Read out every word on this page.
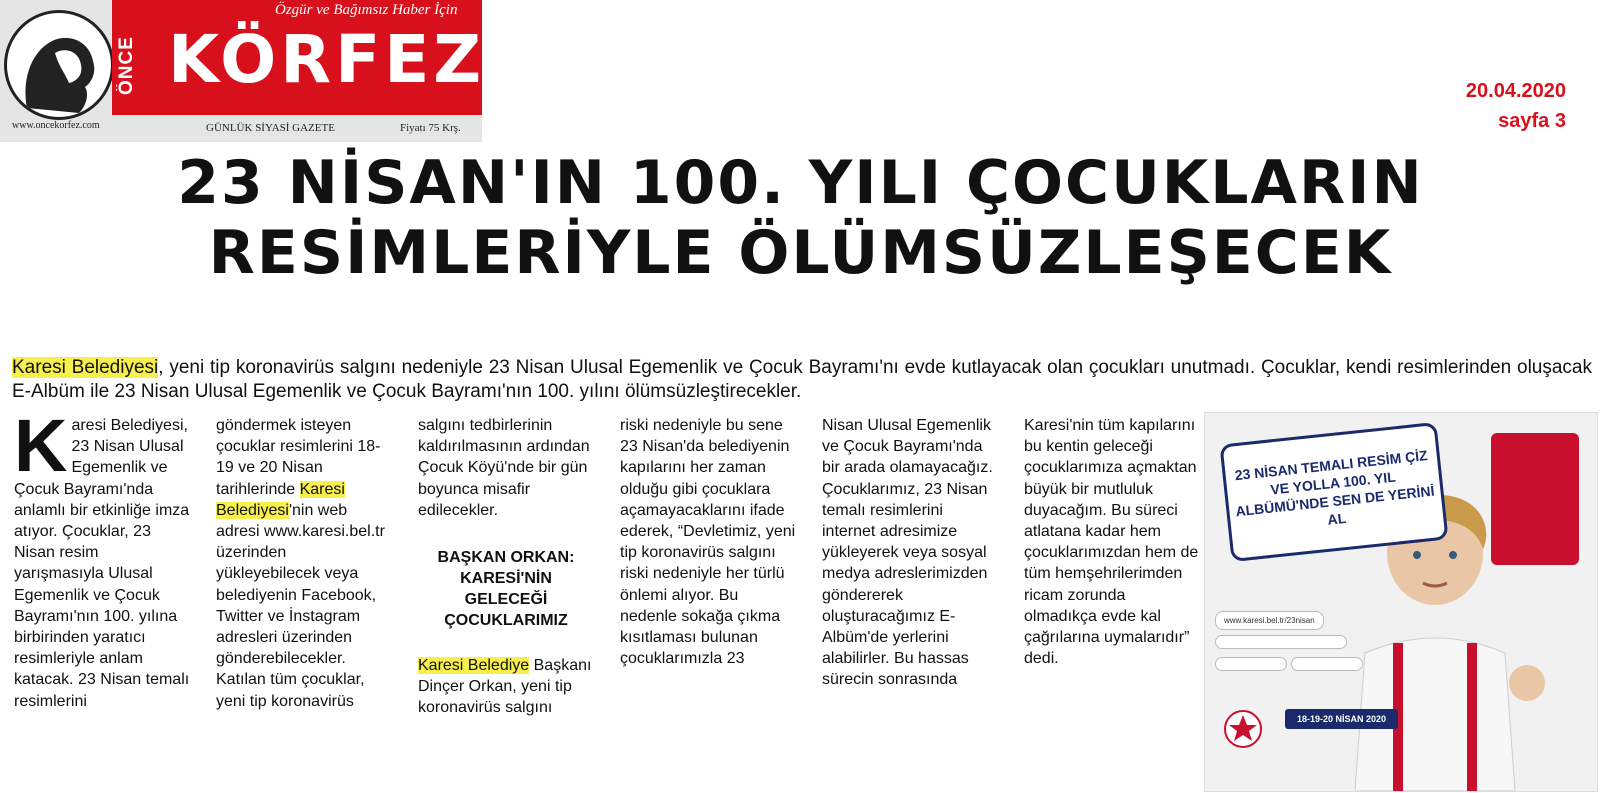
Özgür ve Bağımsız Haber İçin
ÖNCE KÖRFEZ
www.oncekorfez.com	GÜNLÜK SİYASİ GAZETE	Fiyatı 75 Krş.
20.04.2020
sayfa 3
23 NİSAN'IN 100. YILI ÇOCUKLARIN
RESİMLERİYLE ÖLÜMSÜZLEŞECEK
Karesi Belediyesi, yeni tip koronavirüs salgını nedeniyle 23 Nisan Ulusal Egemenlik ve Çocuk Bayramı'nı evde kutlayacak olan çocukları unutmadı. Çocuklar, kendi resimlerinden oluşacak E-Albüm ile 23 Nisan Ulusal Egemenlik ve Çocuk Bayramı'nın 100. yılını ölümsüzleştirecekler.
Karesi Belediyesi, 23 Nisan Ulusal Egemenlik ve Çocuk Bayramı'nda anlamlı bir etkinliğe imza atıyor. Çocuklar, 23 Nisan resim yarışmasıyla Ulusal Egemenlik ve Çocuk Bayramı'nın 100. yılına birbirinden yaratıcı resimleriyle anlam katacak. 23 Nisan temalı resimlerini
göndermek isteyen çocuklar resimlerini 18-19 ve 20 Nisan tarihlerinde Karesi Belediyesi'nin web adresi www.karesi.bel.tr üzerinden yükleyebilecek veya belediyenin Facebook, Twitter ve İnstagram adresleri üzerinden gönderebilecekler. Katılan tüm çocuklar, yeni tip koronavirüs
salgını tedbirlerinin kaldırılmasının ardından Çocuk Köyü'nde bir gün boyunca misafir edilecekler.
BAŞKAN ORKAN: KARESİ'NİN GELECEĞİ ÇOCUKLARIMIZ
Karesi Belediye Başkanı Dinçer Orkan, yeni tip koronavirüs salgını
riski nedeniyle bu sene 23 Nisan'da belediyenin kapılarını her zaman olduğu gibi çocuklara açamayacaklarını ifade ederek, “Devletimiz, yeni tip koronavirüs salgını riski nedeniyle her türlü önlemi alıyor. Bu nedenle sokağa çıkma kısıtlaması bulunan çocuklarımızla 23
Nisan Ulusal Egemenlik ve Çocuk Bayramı'nda bir arada olamayacağız. Çocuklarımız, 23 Nisan temalı resimlerini internet adresimize yükleyerek veya sosyal medya adreslerimizden göndererek oluşturacağımız E-Albüm'de yerlerini alabilirler. Bu hassas sürecin sonrasında
Karesi'nin tüm kapılarını bu kentin geleceği çocuklarımıza açmaktan büyük bir mutluluk duyacağım. Bu süreci atlatana kadar hem çocuklarımızdan hem de tüm hemşehrilerimden ricam zorunda olmadıkça evde kal çağrılarına uymalarıdır” dedi.
23 NİSAN TEMALI RESİM ÇİZ VE YOLLA 100. YIL ALBÜMÜ'NDE SEN DE YERİNİ AL
www.karesi.bel.tr/23nisan
18-19-20 NİSAN 2020
